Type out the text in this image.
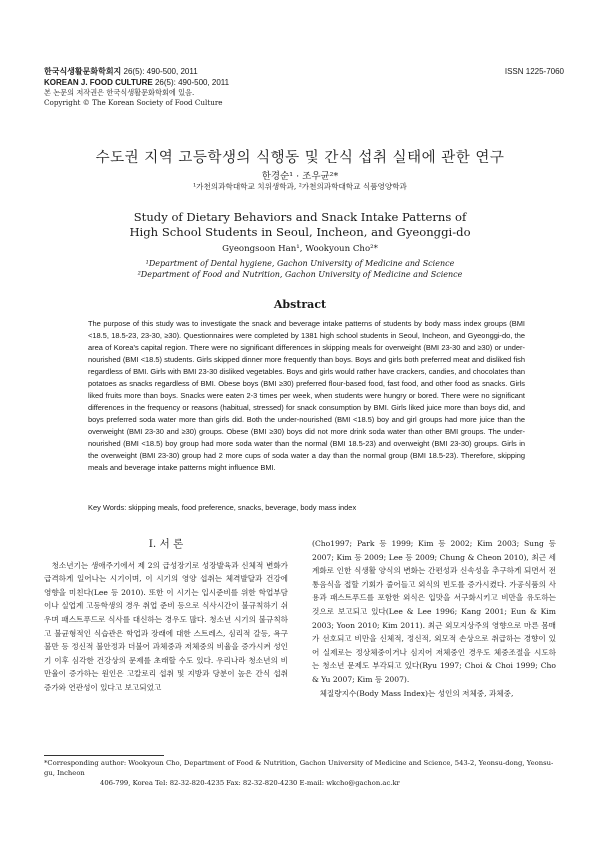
한국식생활문화학회지 26(5): 490-500, 2011	ISSN 1225-7060
KOREAN J. FOOD CULTURE 26(5): 490-500, 2011
본 논문의 저작권은 한국식생활문화학회에 있음.
Copyright © The Korean Society of Food Culture
수도권 지역 고등학생의 식행동 및 간식 섭취 실태에 관한 연구
한경순¹ · 조우균²*
¹가천의과학대학교 치위생학과, ²가천의과학대학교 식품영양학과
Study of Dietary Behaviors and Snack Intake Patterns of
High School Students in Seoul, Incheon, and Gyeonggi-do
Gyeongsoon Han¹, Wookyoun Cho²*
¹Department of Dental hygiene, Gachon University of Medicine and Science
²Department of Food and Nutrition, Gachon University of Medicine and Science
Abstract
The purpose of this study was to investigate the snack and beverage intake patterns of students by body mass index groups (BMI <18.5, 18.5-23, 23-30, ≥30). Questionnaires were completed by 1381 high school students in Seoul, Incheon, and Gyeonggi-do, the area of Korea's capital region. There were no significant differences in skipping meals for overweight (BMI 23-30 and ≥30) or under-nourished (BMI <18.5) students. Girls skipped dinner more frequently than boys. Boys and girls both preferred meat and disliked fish regardless of BMI. Girls with BMI 23-30 disliked vegetables. Boys and girls would rather have crackers, candies, and chocolates than potatoes as snacks regardless of BMI. Obese boys (BMI ≥30) preferred flour-based food, fast food, and other food as snacks. Girls liked fruits more than boys. Snacks were eaten 2-3 times per week, when students were hungry or bored. There were no significant differences in the frequency or reasons (habitual, stressed) for snack consumption by BMI. Girls liked juice more than boys did, and boys preferred soda water more than girls did. Both the under-nourished (BMI <18.5) boy and girl groups had more juice than the overweight (BMI 23-30 and ≥30) groups. Obese (BMI ≥30) boys did not more drink soda water than other BMI groups. The under-nourished (BMI <18.5) boy group had more soda water than the normal (BMI 18.5-23) and overweight (BMI 23-30) groups. Girls in the overweight (BMI 23-30) group had 2 more cups of soda water a day than the normal group (BMI 18.5-23). Therefore, skipping meals and beverage intake patterns might influence BMI.
Key Words: skipping meals, food preference, snacks, beverage, body mass index
Ⅰ. 서 론

청소년기는 생애주기에서 제 2의 급성장기로 성장발육과 신체적 변화가 급격하게 일어나는 시기이며, 이 시기의 영양 섭취는 체격발달과 건강에 영향을 미친다(Lee 등 2010). 또한 이 시기는 입시준비를 위한 학업부담이나 실업계 고등학생의 경우 취업 준비 등으로 식사시간이 불규칙하기 쉬우며 패스트푸드로 식사를 대신하는 경우도 많다. 청소년 시기의 불규칙하고 불균형적인 식습관은 학업과 장래에 대한 스트레스, 심리적 갈등, 욕구불만 등 정신적 불안정과 더불어 과체중과 저체중의 비율을 증가시켜 성인기 이후 심각한 건강상의 문제를 초래할 수도 있다. 우리나라 청소년의 비만율이 증가하는 원인은 고칼로리 섭취 및 지방과 당분이 높은 간식 섭취 증가와 연관성이 있다고 보고되었고

(Cho1997; Park 등 1999; Kim 등 2002; Kim 2003; Sung 등 2007; Kim 등 2009; Lee 등 2009; Chung & Cheon 2010), 최근 세계화로 인한 식생활 양식의 변화는 간편성과 신속성을 추구하게 되면서 전통음식을 접할 기회가 줄어들고 외식의 빈도를 증가시켰다. 가공식품의 사용과 패스트푸드를 포함한 외식은 입맛을 서구화시키고 비만을 유도하는 것으로 보고되고 있다(Lee & Lee 1996; Kang 2001; Eun & Kim 2003; Yoon 2010; Kim 2011). 최근 외모지상주의 영향으로 마른 몸매가 선호되고 비만을 신체적, 정신적, 외모적 손상으로 취급하는 경향이 있어 실제로는 정상체중이거나 심지어 저체중인 경우도 체중조절을 시도하는 청소년 문제도 부각되고 있다(Ryu 1997; Choi & Choi 1999; Cho & Yu 2007; Kim 등 2007).

체질량지수(Body Mass Index)는 성인의 저체중, 과체중,

*Corresponding author: Wookyoun Cho, Department of Food & Nutrition, Gachon University of Medicine and Science, 543-2, Yeonsu-dong, Yeonsu-gu, Incheon
406-799, Korea Tel: 82-32-820-4235 Fax: 82-32-820-4230 E-mail: wkcho@gachon.ac.kr
